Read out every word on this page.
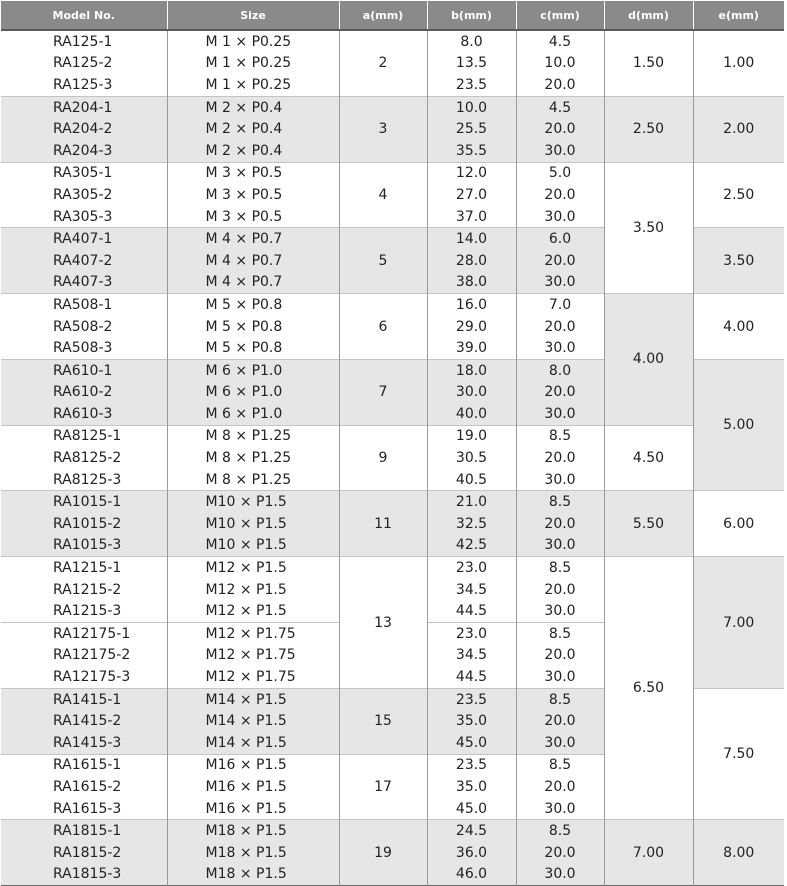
Model No.	Size	a(mm)	b(mm)	c(mm)	d(mm)	e(mm)
RA125-1	M 1 × P0.25	2	8.0	4.5	1.50	1.00
RA125-2	M 1 × P0.25		13.5	10.0		
RA125-3	M 1 × P0.25		23.5	20.0		
RA204-1	M 2 × P0.4	3	10.0	4.5	2.50	2.00
RA204-2	M 2 × P0.4		25.5	20.0		
RA204-3	M 2 × P0.4		35.5	30.0		
RA305-1	M 3 × P0.5	4	12.0	5.0	3.50	2.50
RA305-2	M 3 × P0.5		27.0	20.0		
RA305-3	M 3 × P0.5		37.0	30.0		
RA407-1	M 4 × P0.7	5	14.0	6.0		3.50
RA407-2	M 4 × P0.7		28.0	20.0		
RA407-3	M 4 × P0.7		38.0	30.0		
RA508-1	M 5 × P0.8	6	16.0	7.0	4.00	4.00
RA508-2	M 5 × P0.8		29.0	20.0		
RA508-3	M 5 × P0.8		39.0	30.0		
RA610-1	M 6 × P1.0	7	18.0	8.0		5.00
RA610-2	M 6 × P1.0		30.0	20.0		
RA610-3	M 6 × P1.0		40.0	30.0		
RA8125-1	M 8 × P1.25	9	19.0	8.5	4.50	
RA8125-2	M 8 × P1.25		30.5	20.0		
RA8125-3	M 8 × P1.25		40.5	30.0		
RA1015-1	M10 × P1.5	11	21.0	8.5	5.50	6.00
RA1015-2	M10 × P1.5		32.5	20.0		
RA1015-3	M10 × P1.5		42.5	30.0		
RA1215-1	M12 × P1.5	13	23.0	8.5	6.50	7.00
RA1215-2	M12 × P1.5		34.5	20.0		
RA1215-3	M12 × P1.5		44.5	30.0		
RA12175-1	M12 × P1.75		23.0	8.5		
RA12175-2	M12 × P1.75		34.5	20.0		
RA12175-3	M12 × P1.75		44.5	30.0		
RA1415-1	M14 × P1.5	15	23.5	8.5		7.50
RA1415-2	M14 × P1.5		35.0	20.0		
RA1415-3	M14 × P1.5		45.0	30.0		
RA1615-1	M16 × P1.5	17	23.5	8.5		
RA1615-2	M16 × P1.5		35.0	20.0		
RA1615-3	M16 × P1.5		45.0	30.0		
RA1815-1	M18 × P1.5	19	24.5	8.5	7.00	8.00
RA1815-2	M18 × P1.5		36.0	20.0		
RA1815-3	M18 × P1.5		46.0	30.0		
